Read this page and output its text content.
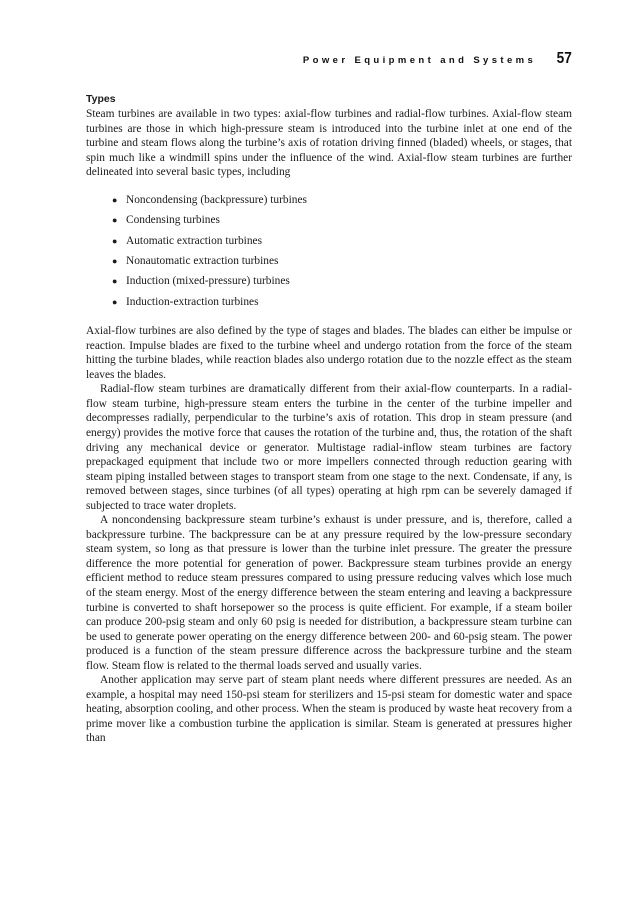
Power Equipment and Systems 57
Types

Steam turbines are available in two types: axial-flow turbines and radial-flow turbines. Axial-flow steam turbines are those in which high-pressure steam is introduced into the turbine inlet at one end of the turbine and steam flows along the turbine’s axis of rotation driving finned (bladed) wheels, or stages, that spin much like a windmill spins under the influence of the wind. Axial-flow steam turbines are further delineated into several basic types, including

● Noncondensing (backpressure) turbines
● Condensing turbines
● Automatic extraction turbines
● Nonautomatic extraction turbines
● Induction (mixed-pressure) turbines
● Induction-extraction turbines

Axial-flow turbines are also defined by the type of stages and blades. The blades can either be impulse or reaction. Impulse blades are fixed to the turbine wheel and undergo rotation from the force of the steam hitting the turbine blades, while reaction blades also undergo rotation due to the nozzle effect as the steam leaves the blades.

Radial-flow steam turbines are dramatically different from their axial-flow counterparts. In a radial-flow steam turbine, high-pressure steam enters the turbine in the center of the turbine impeller and decompresses radially, perpendicular to the turbine’s axis of rotation. This drop in steam pressure (and energy) provides the motive force that causes the rotation of the turbine and, thus, the rotation of the shaft driving any mechanical device or generator. Multistage radial-inflow steam turbines are factory prepackaged equipment that include two or more impellers connected through reduction gearing with steam piping installed between stages to transport steam from one stage to the next. Condensate, if any, is removed between stages, since turbines (of all types) operating at high rpm can be severely damaged if subjected to trace water droplets.

A noncondensing backpressure steam turbine’s exhaust is under pressure, and is, therefore, called a backpressure turbine. The backpressure can be at any pressure required by the low-pressure secondary steam system, so long as that pressure is lower than the turbine inlet pressure. The greater the pressure difference the more potential for generation of power. Backpressure steam turbines provide an energy efficient method to reduce steam pressures compared to using pressure reducing valves which lose much of the steam energy. Most of the energy difference between the steam entering and leaving a backpressure turbine is converted to shaft horsepower so the process is quite efficient. For example, if a steam boiler can produce 200-psig steam and only 60 psig is needed for distribution, a backpressure steam turbine can be used to generate power operating on the energy difference between 200- and 60-psig steam. The power produced is a function of the steam pressure difference across the backpressure turbine and the steam flow. Steam flow is related to the thermal loads served and usually varies.

Another application may serve part of steam plant needs where different pressures are needed. As an example, a hospital may need 150-psi steam for sterilizers and 15-psi steam for domestic water and space heating, absorption cooling, and other process. When the steam is produced by waste heat recovery from a prime mover like a combustion turbine the application is similar. Steam is generated at pressures higher than
